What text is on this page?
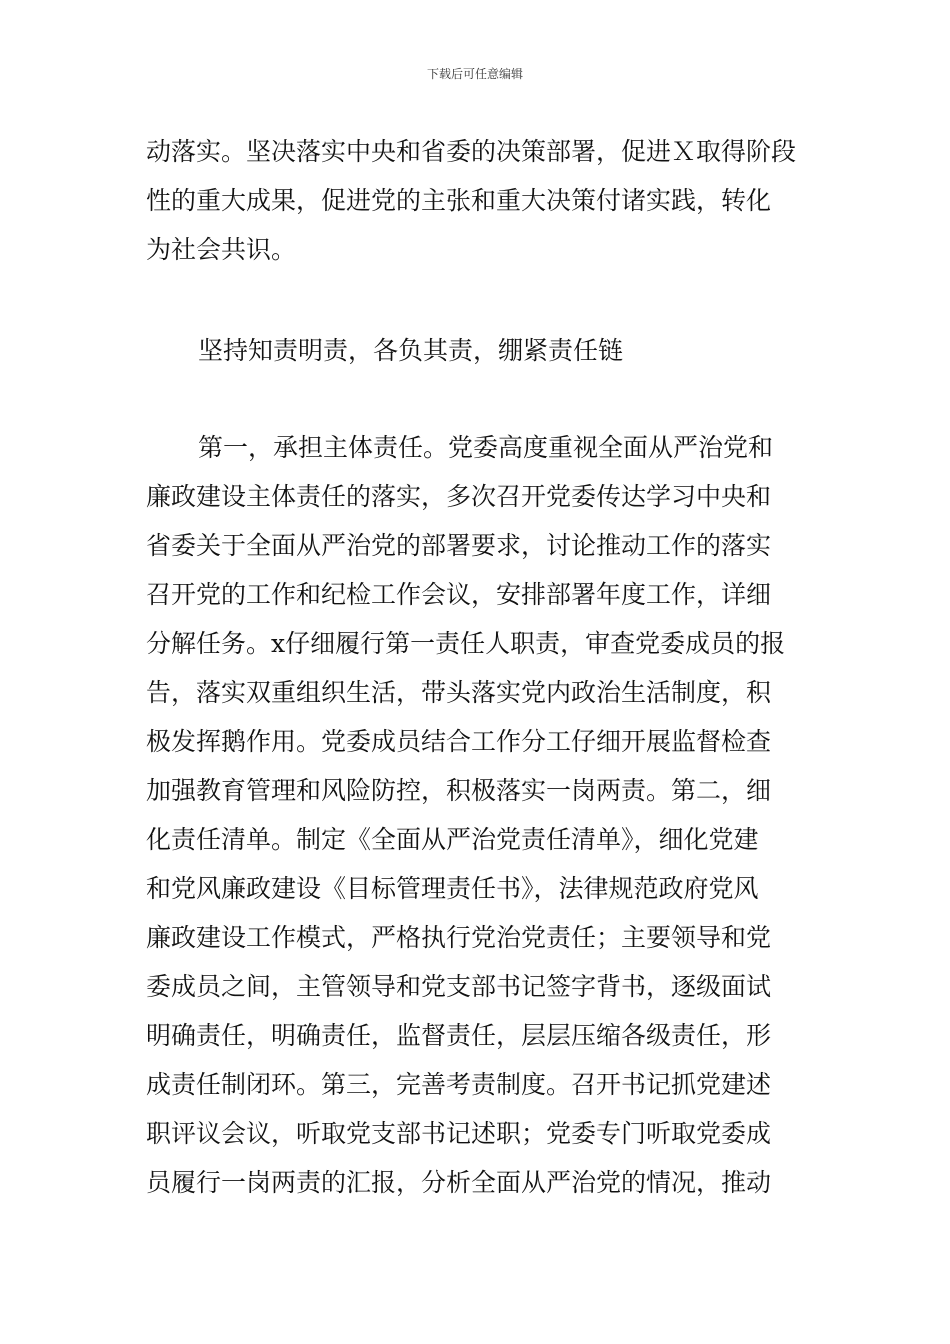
下载后可任意编辑
动落实。坚决落实中央和省委的决策部署，促进Ｘ取得阶段
性的重大成果，促进党的主张和重大决策付诸实践，转化
为社会共识。
坚持知责明责，各负其责，绷紧责任链
第一，承担主体责任。党委高度重视全面从严治党和
廉政建设主体责任的落实，多次召开党委传达学习中央和
省委关于全面从严治党的部署要求，讨论推动工作的落实
召开党的工作和纪检工作会议，安排部署年度工作，详细
分解任务。x仔细履行第一责任人职责，审查党委成员的报
告，落实双重组织生活，带头落实党内政治生活制度，积
极发挥鹅作用。党委成员结合工作分工仔细开展监督检查
加强教育管理和风险防控，积极落实一岗两责。第二，细
化责任清单。制定《全面从严治党责任清单》，细化党建
和党风廉政建设《目标管理责任书》，法律规范政府党风
廉政建设工作模式，严格执行党治党责任；主要领导和党
委成员之间，主管领导和党支部书记签字背书，逐级面试
明确责任，明确责任，监督责任，层层压缩各级责任，形
成责任制闭环。第三，完善考责制度。召开书记抓党建述
职评议会议，听取党支部书记述职；党委专门听取党委成
员履行一岗两责的汇报，分析全面从严治党的情况，推动
